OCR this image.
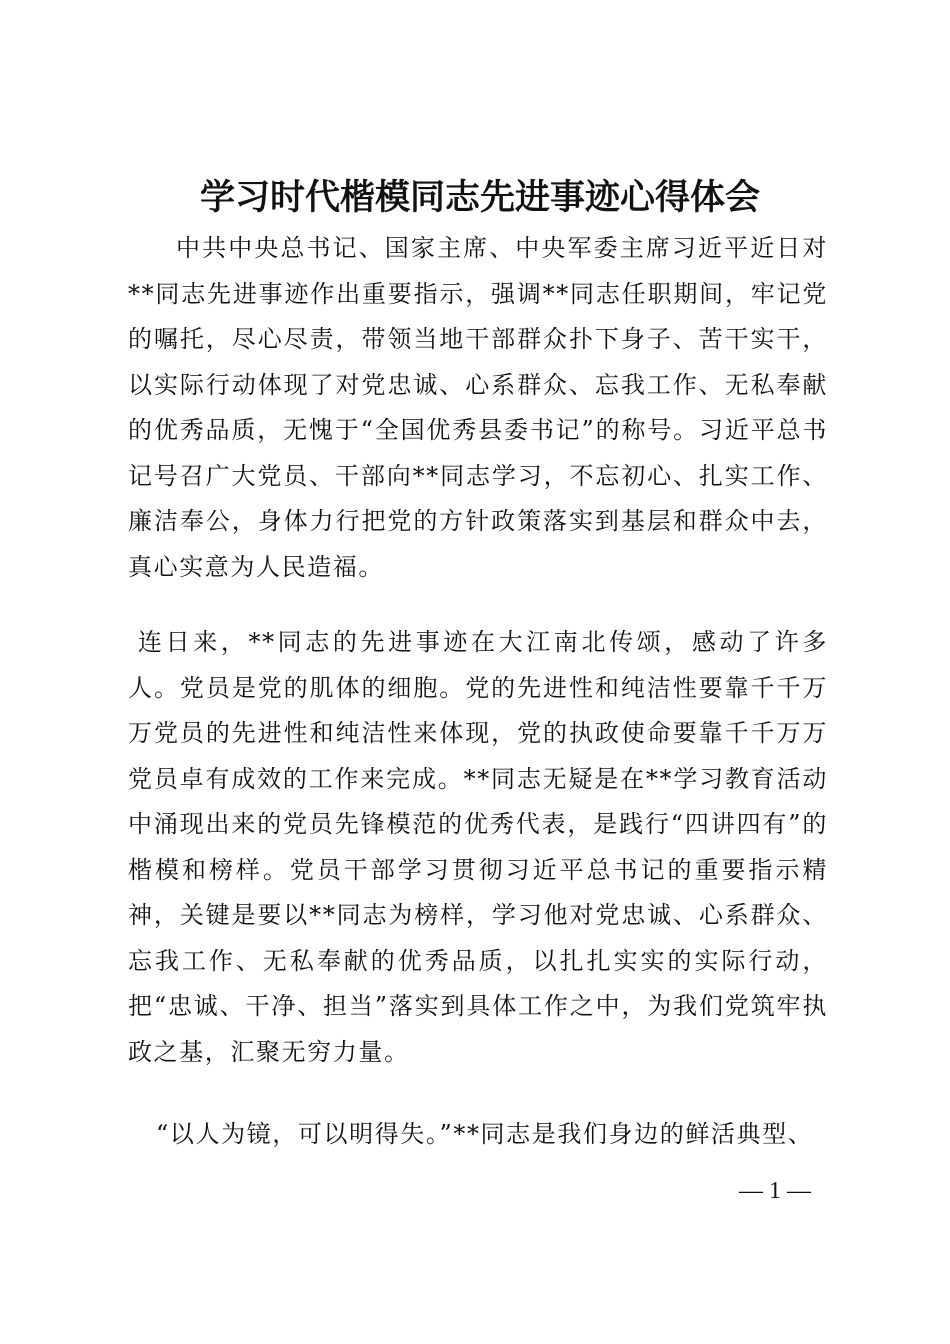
学习时代楷模同志先进事迹心得体会
中共中央总书记、国家主席、中央军委主席习近平近日对**同志先进事迹作出重要指示，强调**同志任职期间，牢记党的嘱托，尽心尽责，带领当地干部群众扑下身子、苦干实干，以实际行动体现了对党忠诚、心系群众、忘我工作、无私奉献的优秀品质，无愧于“全国优秀县委书记”的称号。习近平总书记号召广大党员、干部向**同志学习，不忘初心、扎实工作、廉洁奉公，身体力行把党的方针政策落实到基层和群众中去，真心实意为人民造福。
连日来，**同志的先进事迹在大江南北传颂，感动了许多人。党员是党的肌体的细胞。党的先进性和纯洁性要靠千千万万党员的先进性和纯洁性来体现，党的执政使命要靠千千万万党员卓有成效的工作来完成。**同志无疑是在**学习教育活动中涌现出来的党员先锋模范的优秀代表，是践行“四讲四有”的楷模和榜样。党员干部学习贯彻习近平总书记的重要指示精神，关键是要以**同志为榜样，学习他对党忠诚、心系群众、忘我工作、无私奉献的优秀品质，以扎扎实实的实际行动，把“忠诚、干净、担当”落实到具体工作之中，为我们党筑牢执政之基，汇聚无穷力量。
“以人为镜，可以明得失。”**同志是我们身边的鲜活典型、
— 1 —
